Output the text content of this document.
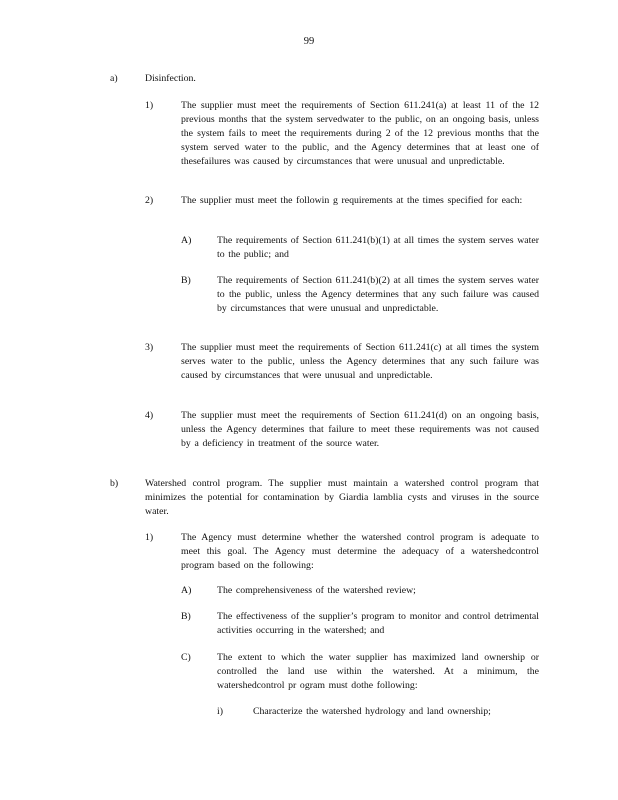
99
a)	Disinfection.
1)	The supplier must meet the requirements of Section 611.241(a) at least 11 of the 12 previous months that the system servedwater to the public, on an ongoing basis, unless the system fails to meet the requirements during 2 of the 12 previous months that the system served water to the public, and the Agency determines that at least one of thesefailures was caused by circumstances that were unusual and unpredictable.
2)	The supplier must meet the followin g requirements at the times specified for each:
A)	The requirements of Section 611.241(b)(1) at all times the system serves water to the public; and
B)	The requirements of Section 611.241(b)(2) at all times the system serves water to the public, unless the Agency determines that any such failure was caused by circumstances that were unusual and unpredictable.
3)	The supplier must meet the requirements of Section 611.241(c) at all times the system serves water to the public, unless the Agency determines that any such failure was caused by circumstances that were unusual and unpredictable.
4)	The supplier must meet the requirements of Section 611.241(d) on an ongoing basis, unless the Agency determines that failure to meet these requirements was not caused by a deficiency in treatment of the source water.
b)	Watershed control program. The supplier must maintain a watershed control program that minimizes the potential for contamination by Giardia lamblia cysts and viruses in the source water.
1)	The Agency must determine whether the watershed control program is adequate to meet this goal. The Agency must determine the adequacy of a watershedcontrol program based on the following:
A)	The comprehensiveness of the watershed review;
B)	The effectiveness of the supplier’s program to monitor and control detrimental activities occurring in the watershed; and
C)	The extent to which the water supplier has maximized land ownership or controlled the land use within the watershed. At a minimum, the watershedcontrol pr ogram must dothe following:
i)	Characterize the watershed hydrology and land ownership;
